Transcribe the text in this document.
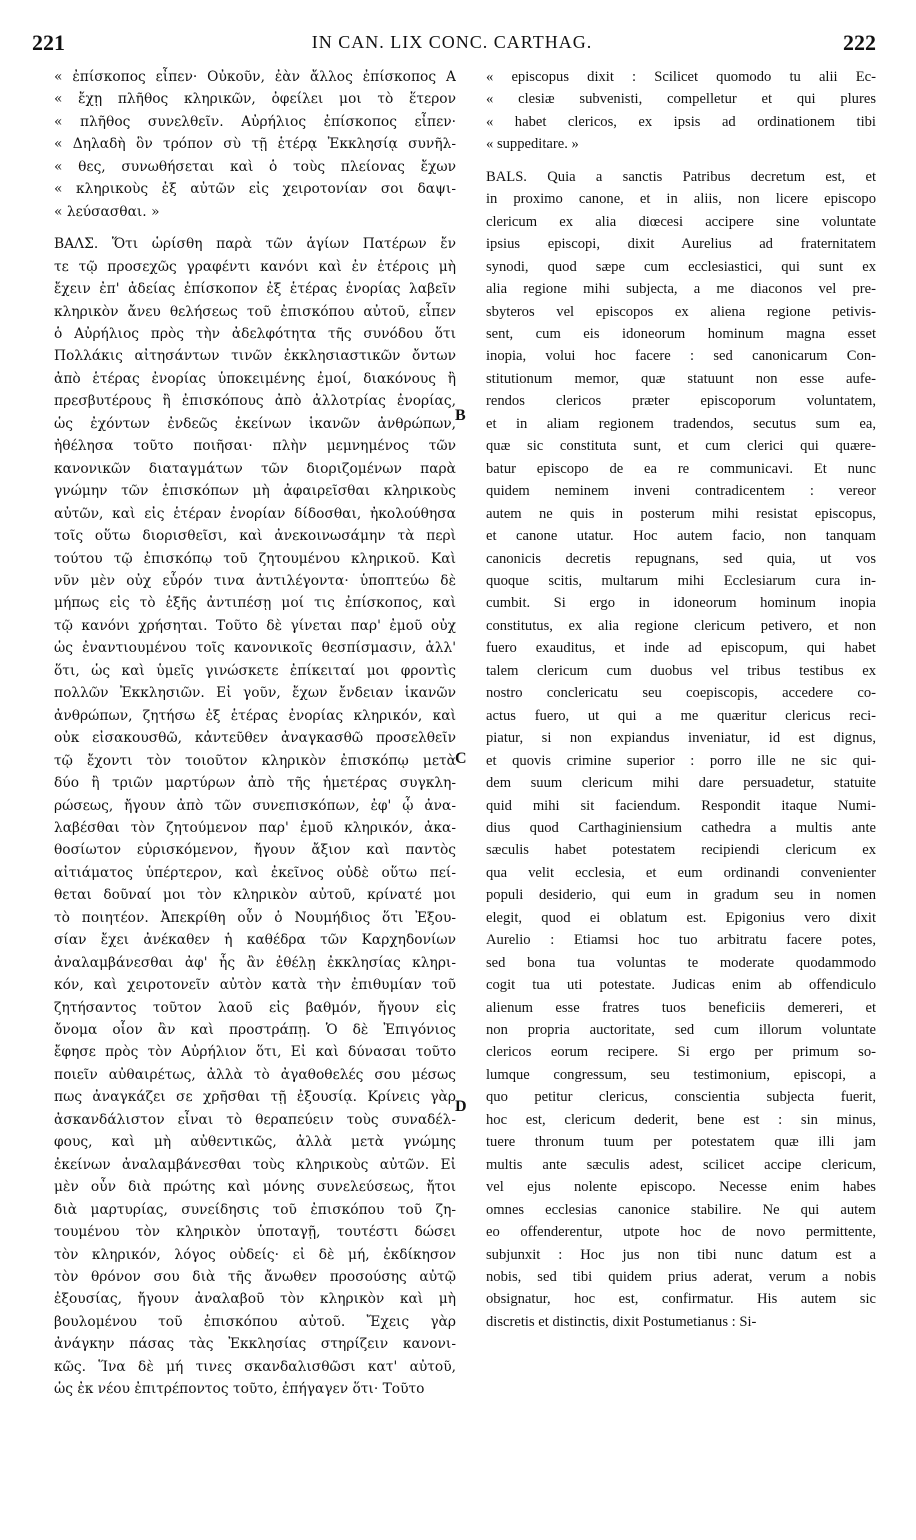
221	IN CAN. LIX CONC. CARTHAG.	222
« ἐπίσκοπος εἶπεν· Οὐκοῦν, ἐὰν ἄλλος ἐπίσκοπος Α
« ἔχῃ πλῆθος κληρικῶν, ὀφείλει μοι τὸ ἕτερον
« πλῆθος συνελθεῖν. Αὐρήλιος ἐπίσκοπος εἶπεν·
« Δηλαδὴ ὃν τρόπον σὺ τῇ ἑτέρᾳ Ἐκκλησίᾳ συνῆλ-
« θες, συνωθήσεται καὶ ὁ τοὺς πλείονας ἔχων
« κληρικοὺς ἐξ αὐτῶν εἰς χειροτονίαν σοι δαψι-
« λεύσασθαι. »
ΒΑΛΣ. Ὅτι ὡρίσθη παρὰ τῶν ἁγίων Πατέρων ἔν
τε τῷ προσεχῶς γραφέντι κανόνι καὶ ἐν ἑτέροις μὴ
ἔχειν ἐπ' ἀδείας ἐπίσκοπον ἐξ ἑτέρας ἐνορίας λαβεῖν
κληρικὸν ἄνευ θελήσεως τοῦ ἐπισκόπου αὐτοῦ, εἶπεν
ὁ Αὐρήλιος πρὸς τὴν ἀδελφότητα τῆς συνόδου ὅτι
Πολλάκις αἰτησάντων τινῶν ἐκκλησιαστικῶν ὄντων
ἀπὸ ἑτέρας ἐνορίας ὑποκειμένης ἐμοί, διακόνους ἢ
πρεσβυτέρους ἢ ἐπισκόπους ἀπὸ ἀλλοτρίας ἐνορίας,
ὡς ἐχόντων ἐνδεῶς ἐκείνων ἱκανῶν ἀνθρώπων,
ἠθέλησα τοῦτο ποιῆσαι· πλὴν μεμνημένος τῶν
κανονικῶν διαταγμάτων τῶν διοριζομένων παρὰ
γνώμην τῶν ἐπισκόπων μὴ ἀφαιρεῖσθαι κληρικοὺς
αὐτῶν, καὶ εἰς ἑτέραν ἐνορίαν δίδοσθαι, ἠκολούθησα
τοῖς οὕτω διορισθεῖσι, καὶ ἀνεκοινωσάμην τὰ περὶ
τούτου τῷ ἐπισκόπῳ τοῦ ζητουμένου κληρικοῦ. Καὶ
νῦν μὲν οὐχ εὗρόν τινα ἀντιλέγοντα· ὑποπτεύω δὲ
μήπως εἰς τὸ ἑξῆς ἀντιπέσῃ μοί τις ἐπίσκοπος, καὶ
τῷ κανόνι χρήσηται. Τοῦτο δὲ γίνεται παρ' ἐμοῦ οὐχ
ὡς ἐναντιουμένου τοῖς κανονικοῖς θεσπίσμασιν, ἀλλ'
ὅτι, ὡς καὶ ὑμεῖς γινώσκετε ἐπίκειταί μοι φροντὶς
πολλῶν Ἐκκλησιῶν. Εἰ γοῦν, ἔχων ἔνδειαν ἱκανῶν
ἀνθρώπων, ζητήσω ἐξ ἑτέρας ἐνορίας κληρικόν, καὶ
οὐκ εἰσακουσθῶ, κἀντεῦθεν ἀναγκασθῶ προσελθεῖν
τῷ ἔχοντι τὸν τοιοῦτον κληρικὸν ἐπισκόπῳ μετὰ
δύο ἢ τριῶν μαρτύρων ἀπὸ τῆς ἡμετέρας συγκλη-
ρώσεως, ἤγουν ἀπὸ τῶν συνεπισκόπων, ἐφ' ᾧ ἀνα-
λαβέσθαι τὸν ζητούμενον παρ' ἐμοῦ κληρικόν, ἀκα-
θοσίωτον εὑρισκόμενον, ἤγουν ἄξιον καὶ παντὸς
αἰτιάματος ὑπέρτερον, καὶ ἐκεῖνος οὐδὲ οὕτω πεί-
θεται δοῦναί μοι τὸν κληρικὸν αὐτοῦ, κρίνατέ μοι
τὸ ποιητέον. Ἀπεκρίθη οὖν ὁ Νουμήδιος ὅτι Ἐξου-
σίαν ἔχει ἀνέκαθεν ἡ καθέδρα τῶν Καρχηδονίων
ἀναλαμβάνεσθαι ἀφ' ἧς ἂν ἐθέλῃ ἐκκλησίας κληρι-
κόν, καὶ χειροτονεῖν αὐτὸν κατὰ τὴν ἐπιθυμίαν τοῦ
ζητήσαντος τοῦτον λαοῦ εἰς βαθμόν, ἤγουν εἰς
ὄνομα οἷον ἂν καὶ προστράπῃ. Ὁ δὲ Ἐπιγόνιος
ἔφησε πρὸς τὸν Αὐρήλιον ὅτι, Εἰ καὶ δύνασαι τοῦτο
ποιεῖν αὐθαιρέτως, ἀλλὰ τὸ ἀγαθοθελές σου μέσως
πως ἀναγκάζει σε χρῆσθαι τῇ ἐξουσίᾳ. Κρίνεις γὰρ
ἀσκανδάλιστον εἶναι τὸ θεραπεύειν τοὺς συναδέλ-
φους, καὶ μὴ αὐθεντικῶς, ἀλλὰ μετὰ γνώμης
ἐκείνων ἀναλαμβάνεσθαι τοὺς κληρικοὺς αὐτῶν. Εἰ
μὲν οὖν διὰ πρώτης καὶ μόνης συνελεύσεως, ἤτοι
διὰ μαρτυρίας, συνείδησις τοῦ ἐπισκόπου τοῦ ζη-
τουμένου τὸν κληρικὸν ὑποταγῇ, τουτέστι δώσει
τὸν κληρικόν, λόγος οὐδείς· εἰ δὲ μή, ἐκδίκησον
τὸν θρόνον σου διὰ τῆς ἄνωθεν προσούσης αὐτῷ
ἐξουσίας, ἤγουν ἀναλαβοῦ τὸν κληρικὸν καὶ μὴ
βουλομένου τοῦ ἐπισκόπου αὐτοῦ. Ἔχεις γὰρ
ἀνάγκην πάσας τὰς Ἐκκλησίας στηρίζειν κανονι-
κῶς. Ἵνα δὲ μή τινες σκανδαλισθῶσι κατ' αὐτοῦ,
ὡς ἐκ νέου ἐπιτρέποντος τοῦτο, ἐπήγαγεν ὅτι· Τοῦτο
« episcopus dixit : Scilicet quomodo tu alii Ec-
« clesiæ subvenisti, compelletur et qui plures
« habet clericos, ex ipsis ad ordinationem tibi
« suppeditare. »
BALS. Quia a sanctis Patribus decretum est, et
in proximo canone, et in aliis, non licere episcopo
clericum ex alia diœcesi accipere sine voluntate
ipsius episcopi, dixit Aurelius ad fraternitatem
synodi, quod sæpe cum ecclesiastici, qui sunt ex
alia regione mihi subjecta, a me diaconos vel pre-
sbyteros vel episcopos ex aliena regione petivis-
sent, cum eis idoneorum hominum magna esset
inopia, volui hoc facere : sed canonicarum Con-
stitutionum memor, quæ statuunt non esse aufe-
rendos clericos præter episcoporum voluntatem,
et in aliam regionem tradendos, secutus sum ea,
quæ sic constituta sunt, et cum clerici qui quære-
batur episcopo de ea re communicavi. Et nunc
quidem neminem inveni contradicentem : vereor
autem ne quis in posterum mihi resistat episcopus,
et canone utatur. Hoc autem facio, non tanquam
canonicis decretis repugnans, sed quia, ut vos
quoque scitis, multarum mihi Ecclesiarum cura in-
cumbit. Si ergo in idoneorum hominum inopia
constitutus, ex alia regione clericum petivero, et non
fuero exauditus, et inde ad episcopum, qui habet
talem clericum cum duobus vel tribus testibus ex
nostro conclericatu seu coepiscopis, accedere co-
actus fuero, ut qui a me quæritur clericus reci-
piatur, si non expiandus inveniatur, id est dignus,
et quovis crimine superior : porro ille ne sic qui-
dem suum clericum mihi dare persuadetur, statuite
quid mihi sit faciendum. Respondit itaque Numi-
dius quod Carthaginiensium cathedra a multis ante
sæculis habet potestatem recipiendi clericum ex
qua velit ecclesia, et eum ordinandi convenienter
populi desiderio, qui eum in gradum seu in nomen
elegit, quod ei oblatum est. Epigonius vero dixit
Aurelio : Etiamsi hoc tuo arbitratu facere potes,
sed bona tua voluntas te moderate quodammodo
cogit tua uti potestate. Judicas enim ab offendiculo
alienum esse fratres tuos beneficiis demereri, et
non propria auctoritate, sed cum illorum voluntate
clericos eorum recipere. Si ergo per primum so-
lumque congressum, seu testimonium, episcopi, a
quo petitur clericus, conscientia subjecta fuerit,
hoc est, clericum dederit, bene est : sin minus,
tuere thronum tuum per potestatem quæ illi jam
multis ante sæculis adest, scilicet accipe clericum,
vel ejus nolente episcopo. Necesse enim habes
omnes ecclesias canonice stabilire. Ne qui autem
eo offenderentur, utpote hoc de novo permittente,
subjunxit : Hoc jus non tibi nunc datum est a
nobis, sed tibi quidem prius aderat, verum a nobis
obsignatur, hoc est, confirmatur. His autem sic
discretis et distinctis, dixit Postumetianus : Si-
B
C
D
